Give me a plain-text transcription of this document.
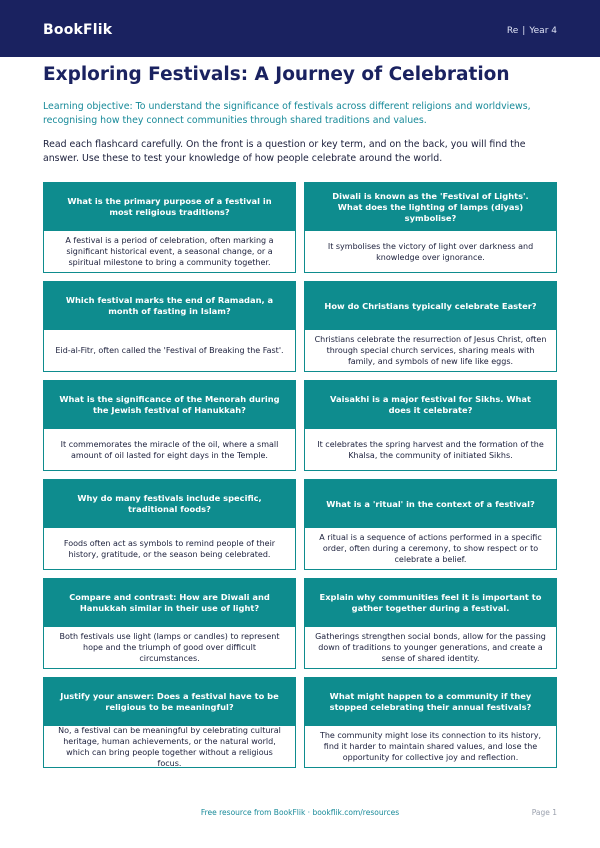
BookFlik	Re | Year 4
Exploring Festivals: A Journey of Celebration

Learning objective: To understand the significance of festivals across different religions and worldviews, recognising how they connect communities through shared traditions and values.

Read each flashcard carefully. On the front is a question or key term, and on the back, you will find the answer. Use these to test your knowledge of how people celebrate around the world.

What is the primary purpose of a festival in most religious traditions?
A festival is a period of celebration, often marking a significant historical event, a seasonal change, or a spiritual milestone to bring a community together.
Diwali is known as the 'Festival of Lights'. What does the lighting of lamps (diyas) symbolise?
It symbolises the victory of light over darkness and knowledge over ignorance.
Which festival marks the end of Ramadan, a month of fasting in Islam?
Eid-al-Fitr, often called the 'Festival of Breaking the Fast'.
How do Christians typically celebrate Easter?
Christians celebrate the resurrection of Jesus Christ, often through special church services, sharing meals with family, and symbols of new life like eggs.
What is the significance of the Menorah during the Jewish festival of Hanukkah?
It commemorates the miracle of the oil, where a small amount of oil lasted for eight days in the Temple.
Vaisakhi is a major festival for Sikhs. What does it celebrate?
It celebrates the spring harvest and the formation of the Khalsa, the community of initiated Sikhs.
Why do many festivals include specific, traditional foods?
Foods often act as symbols to remind people of their history, gratitude, or the season being celebrated.
What is a 'ritual' in the context of a festival?
A ritual is a sequence of actions performed in a specific order, often during a ceremony, to show respect or to celebrate a belief.
Compare and contrast: How are Diwali and Hanukkah similar in their use of light?
Both festivals use light (lamps or candles) to represent hope and the triumph of good over difficult circumstances.
Explain why communities feel it is important to gather together during a festival.
Gatherings strengthen social bonds, allow for the passing down of traditions to younger generations, and create a sense of shared identity.
Justify your answer: Does a festival have to be religious to be meaningful?
No, a festival can be meaningful by celebrating cultural heritage, human achievements, or the natural world, which can bring people together without a religious focus.
What might happen to a community if they stopped celebrating their annual festivals?
The community might lose its connection to its history, find it harder to maintain shared values, and lose the opportunity for collective joy and reflection.
Free resource from BookFlik · bookflik.com/resources	Page 1
